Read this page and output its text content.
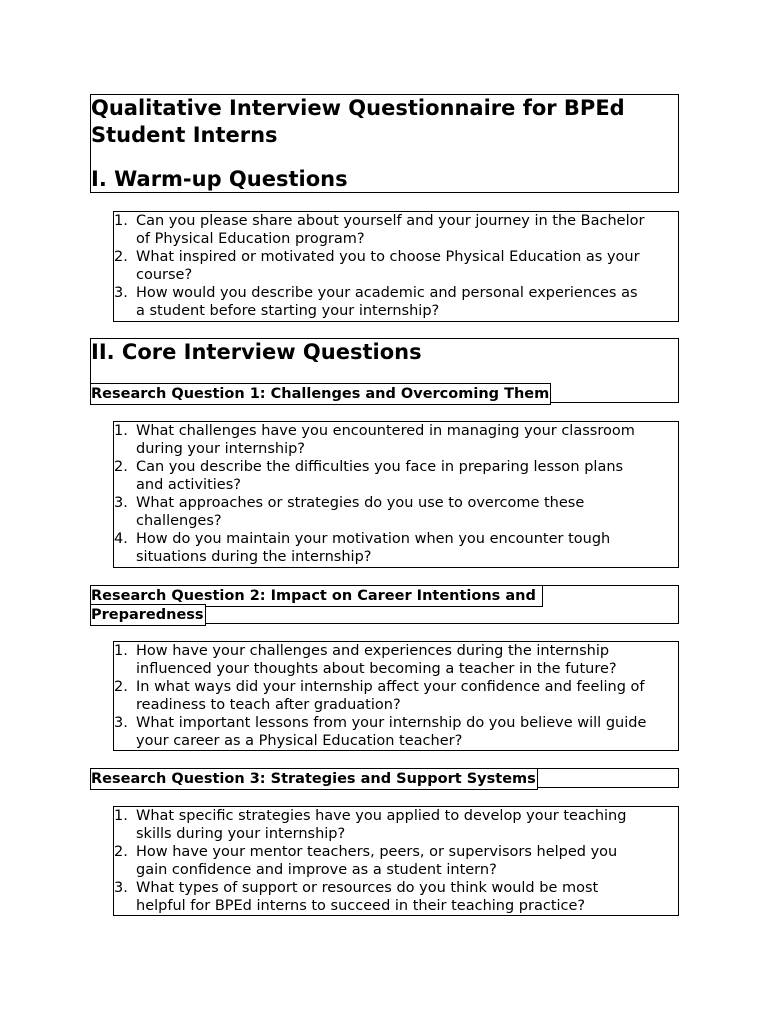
Qualitative Interview Questionnaire for BPEd
Student Interns
I. Warm-up Questions
1. Can you please share about yourself and your journey in the Bachelor
of Physical Education program?
2. What inspired or motivated you to choose Physical Education as your
course?
3. How would you describe your academic and personal experiences as
a student before starting your internship?
II. Core Interview Questions
Research Question 1: Challenges and Overcoming Them
1. What challenges have you encountered in managing your classroom
during your internship?
2. Can you describe the difficulties you face in preparing lesson plans
and activities?
3. What approaches or strategies do you use to overcome these
challenges?
4. How do you maintain your motivation when you encounter tough
situations during the internship?
Research Question 2: Impact on Career Intentions and
Preparedness
1. How have your challenges and experiences during the internship
influenced your thoughts about becoming a teacher in the future?
2. In what ways did your internship affect your confidence and feeling of
readiness to teach after graduation?
3. What important lessons from your internship do you believe will guide
your career as a Physical Education teacher?
Research Question 3: Strategies and Support Systems
1. What specific strategies have you applied to develop your teaching
skills during your internship?
2. How have your mentor teachers, peers, or supervisors helped you
gain confidence and improve as a student intern?
3. What types of support or resources do you think would be most
helpful for BPEd interns to succeed in their teaching practice?
